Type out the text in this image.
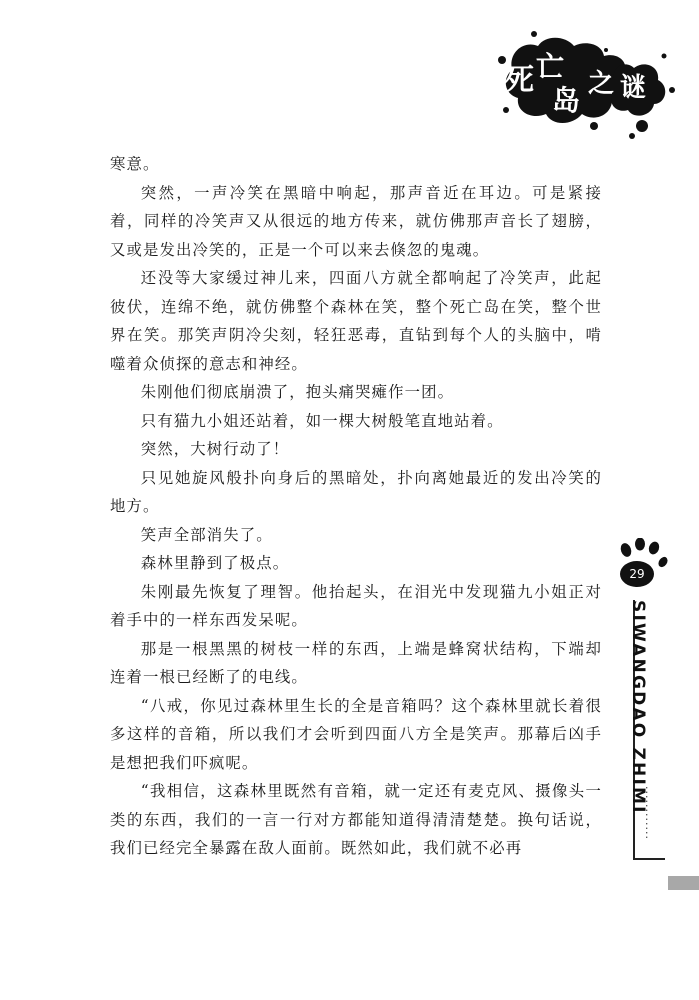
死 亡
岛 之 谜

寒意。

突然，一声冷笑在黑暗中响起，那声音近在耳边。可是紧接着，同样的冷笑声又从很远的地方传来，就仿佛那声音长了翅膀，又或是发出冷笑的，正是一个可以来去倏忽的鬼魂。

还没等大家缓过神儿来，四面八方就全都响起了冷笑声，此起彼伏，连绵不绝，就仿佛整个森林在笑，整个死亡岛在笑，整个世界在笑。那笑声阴冷尖刻，轻狂恶毒，直钻到每个人的头脑中，啃噬着众侦探的意志和神经。

朱刚他们彻底崩溃了，抱头痛哭瘫作一团。

只有猫九小姐还站着，如一棵大树般笔直地站着。

突然，大树行动了！

只见她旋风般扑向身后的黑暗处，扑向离她最近的发出冷笑的地方。

笑声全部消失了。

森林里静到了极点。

朱刚最先恢复了理智。他抬起头，在泪光中发现猫九小姐正对着手中的一样东西发呆呢。

那是一根黑黑的树枝一样的东西，上端是蜂窝状结构，下端却连着一根已经断了的电线。

“八戒，你见过森林里生长的全是音箱吗？这个森林里就长着很多这样的音箱，所以我们才会听到四面八方全是笑声。那幕后凶手是想把我们吓疯呢。

“我相信，这森林里既然有音箱，就一定还有麦克风、摄像头一类的东西，我们的一言一行对方都能知道得清清楚楚。换句话说，我们已经完全暴露在敌人面前。既然如此，我们就不必再

29
SIWANGDAO ZHIMI
............
